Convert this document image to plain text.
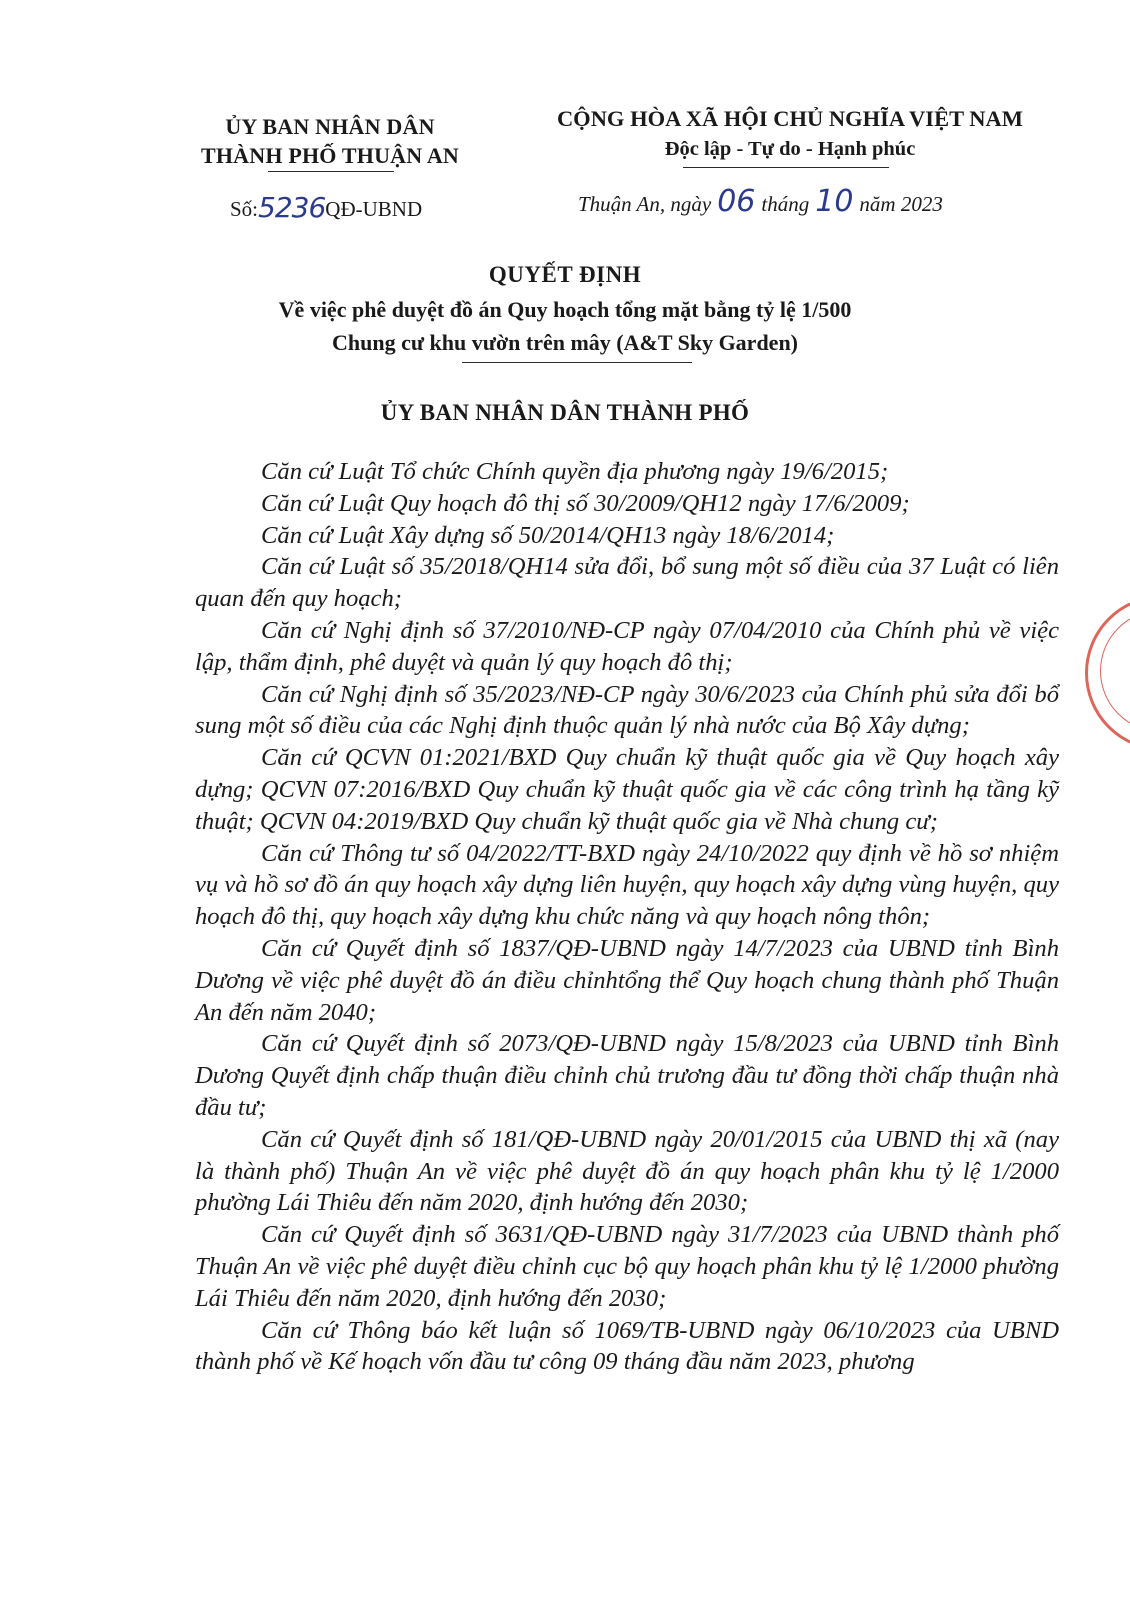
ỦY BAN NHÂN DÂN
THÀNH PHỐ THUẬN AN
CỘNG HÒA XÃ HỘI CHỦ NGHĨA VIỆT NAM
Độc lập - Tự do - Hạnh phúc
Số:5236QĐ-UBND	Thuận An, ngày 06 tháng 10 năm 2023
QUYẾT ĐỊNH
Về việc phê duyệt đồ án Quy hoạch tổng mặt bằng tỷ lệ 1/500
Chung cư khu vườn trên mây (A&T Sky Garden)
ỦY BAN NHÂN DÂN THÀNH PHỐ

Căn cứ Luật Tổ chức Chính quyền địa phương ngày 19/6/2015;

Căn cứ Luật Quy hoạch đô thị số 30/2009/QH12 ngày 17/6/2009;

Căn cứ Luật Xây dựng số 50/2014/QH13 ngày 18/6/2014;

Căn cứ Luật số 35/2018/QH14 sửa đổi, bổ sung một số điều của 37 Luật có liên quan đến quy hoạch;

Căn cứ Nghị định số 37/2010/NĐ-CP ngày 07/04/2010 của Chính phủ về việc lập, thẩm định, phê duyệt và quản lý quy hoạch đô thị;

Căn cứ Nghị định số 35/2023/NĐ-CP ngày 30/6/2023 của Chính phủ sửa đổi bổ sung một số điều của các Nghị định thuộc quản lý nhà nước của Bộ Xây dựng;

Căn cứ QCVN 01:2021/BXD Quy chuẩn kỹ thuật quốc gia về Quy hoạch xây dựng; QCVN 07:2016/BXD Quy chuẩn kỹ thuật quốc gia về các công trình hạ tầng kỹ thuật; QCVN 04:2019/BXD Quy chuẩn kỹ thuật quốc gia về Nhà chung cư;

Căn cứ Thông tư số 04/2022/TT-BXD ngày 24/10/2022 quy định về hồ sơ nhiệm vụ và hồ sơ đồ án quy hoạch xây dựng liên huyện, quy hoạch xây dựng vùng huyện, quy hoạch đô thị, quy hoạch xây dựng khu chức năng và quy hoạch nông thôn;

Căn cứ Quyết định số 1837/QĐ-UBND ngày 14/7/2023 của UBND tỉnh Bình Dương về việc phê duyệt đồ án điều chỉnhtổng thể Quy hoạch chung thành phố Thuận An đến năm 2040;

Căn cứ Quyết định số 2073/QĐ-UBND ngày 15/8/2023 của UBND tỉnh Bình Dương Quyết định chấp thuận điều chỉnh chủ trương đầu tư đồng thời chấp thuận nhà đầu tư;

Căn cứ Quyết định số 181/QĐ-UBND ngày 20/01/2015 của UBND thị xã (nay là thành phố) Thuận An về việc phê duyệt đồ án quy hoạch phân khu tỷ lệ 1/2000 phường Lái Thiêu đến năm 2020, định hướng đến 2030;

Căn cứ Quyết định số 3631/QĐ-UBND ngày 31/7/2023 của UBND thành phố Thuận An về việc phê duyệt điều chỉnh cục bộ quy hoạch phân khu tỷ lệ 1/2000 phường Lái Thiêu đến năm 2020, định hướng đến 2030;

Căn cứ Thông báo kết luận số 1069/TB-UBND ngày 06/10/2023 của UBND thành phố về Kế hoạch vốn đầu tư công 09 tháng đầu năm 2023, phương
